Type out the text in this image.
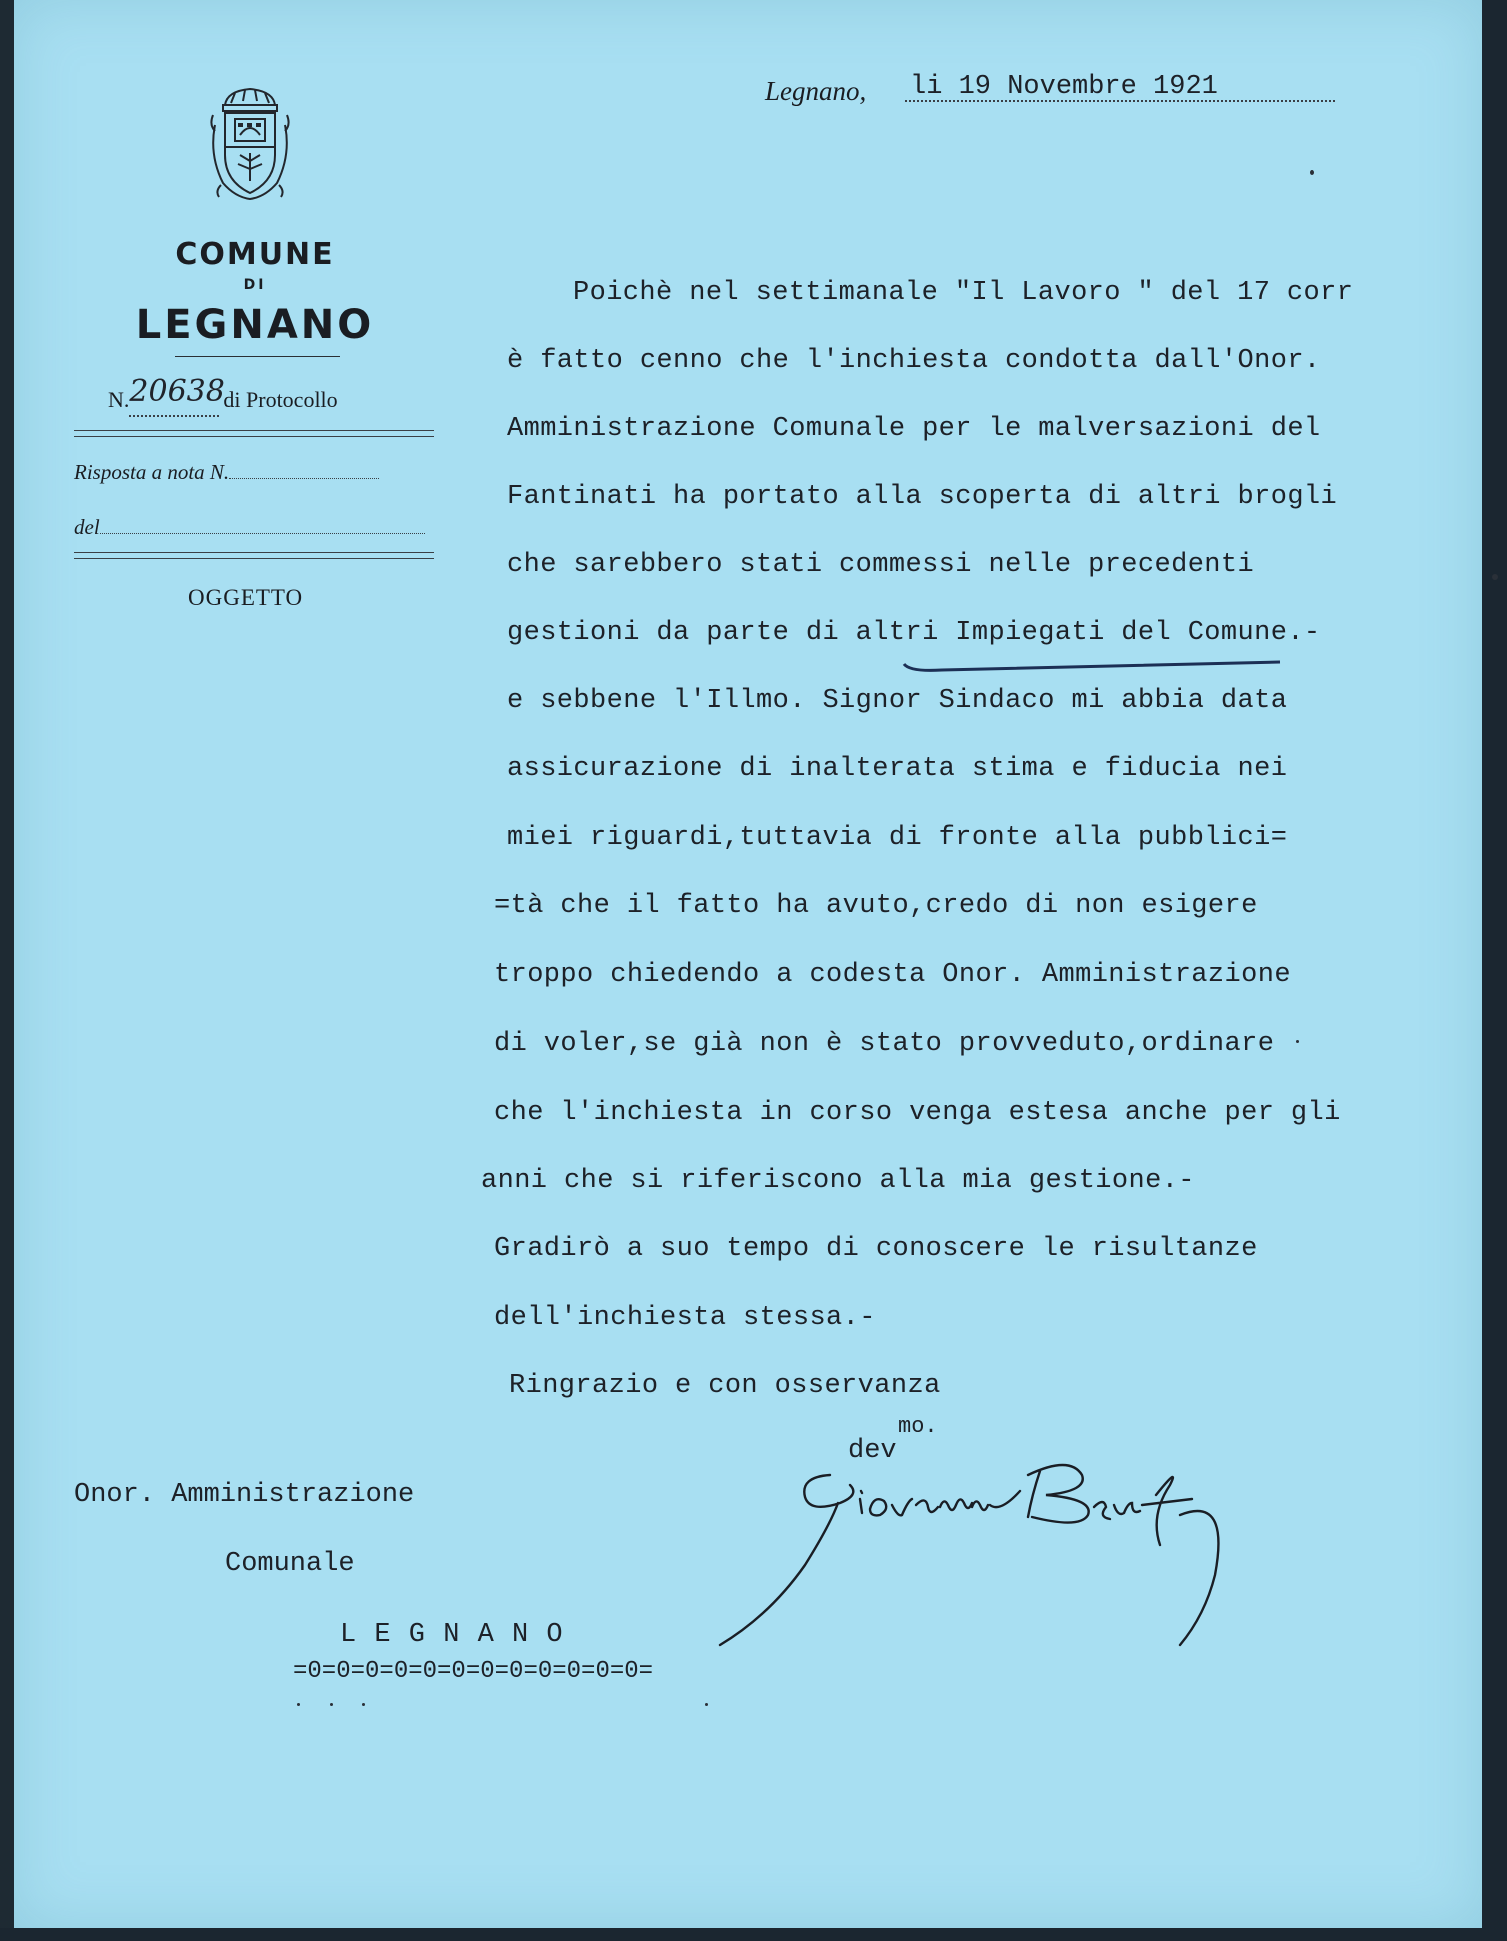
COMUNE
DI
LEGNANO
N.20638di Protocollo
Risposta a nota N.
del
OGGETTO
Legnano, li 19 Novembre 1921
Poichè nel settimanale "Il Lavoro " del 17 corr
è fatto cenno che l'inchiesta condotta dall'Onor.
Amministrazione Comunale per le malversazioni del
Fantinati ha portato alla scoperta di altri brogli
che sarebbero stati commessi nelle precedenti
gestioni da parte di altri Impiegati del Comune.-
e sebbene l'Illmo. Signor Sindaco mi abbia data
assicurazione di inalterata stima e fiducia nei
miei riguardi,tuttavia di fronte alla pubblici=
=tà che il fatto ha avuto,credo di non esigere
troppo chiedendo a codesta Onor. Amministrazione
di voler,se già non è stato provveduto,ordinare
che l'inchiesta in corso venga estesa anche per gli
anni che si riferiscono alla mia gestione.-
Gradirò a suo tempo di conoscere le risultanze
dell'inchiesta stessa.-
Ringrazio e con osservanza
mo.
dev
Onor. Amministrazione
Comunale
L E G N A N O
=0=0=0=0=0=0=0=0=0=0=0=0=
